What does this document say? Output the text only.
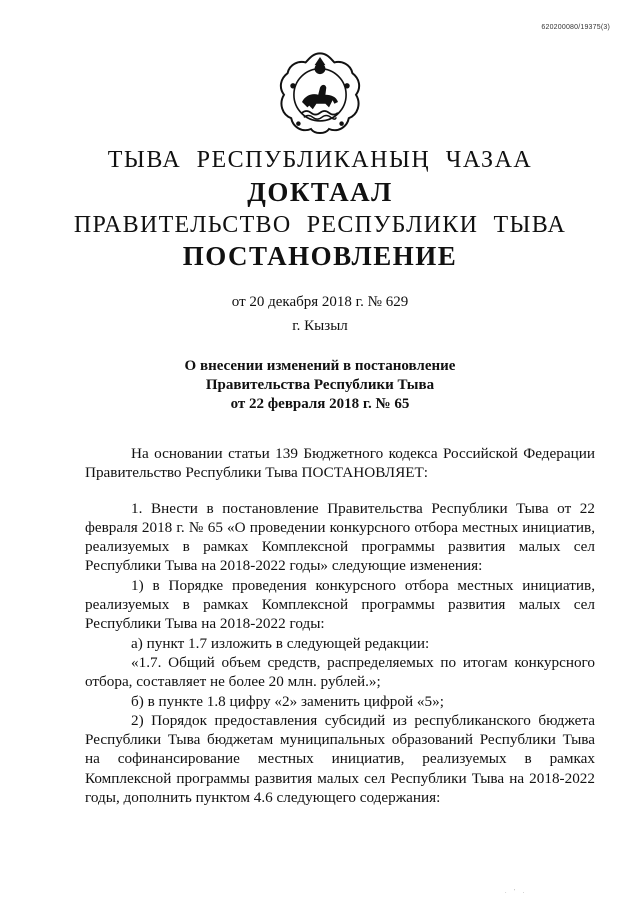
620200080/19375(3)
ТЫВА РЕСПУБЛИКАНЫҢ ЧАЗАА
ДОКТААЛ
ПРАВИТЕЛЬСТВО РЕСПУБЛИКИ ТЫВА
ПОСТАНОВЛЕНИЕ
от 20 декабря 2018 г. № 629
г. Кызыл
О внесении изменений в постановление
Правительства Республики Тыва
от 22 февраля 2018 г. № 65

На основании статьи 139 Бюджетного кодекса Российской Федерации Правительство Республики Тыва ПОСТАНОВЛЯЕТ:

1. Внести в постановление Правительства Республики Тыва от 22 февраля 2018 г. № 65 «О проведении конкурсного отбора местных инициатив, реализуемых в рамках Комплексной программы развития малых сел Республики Тыва на 2018-2022 годы» следующие изменения:

1) в Порядке проведения конкурсного отбора местных инициатив, реализуемых в рамках Комплексной программы развития малых сел Республики Тыва на 2018-2022 годы:

а) пункт 1.7 изложить в следующей редакции:

«1.7. Общий объем средств, распределяемых по итогам конкурсного отбора, составляет не более 20 млн. рублей.»;

б) в пункте 1.8 цифру «2» заменить цифрой «5»;

2) Порядок предоставления субсидий из республиканского бюджета Республики Тыва бюджетам муниципальных образований Республики Тыва на софинансирование местных инициатив, реализуемых в рамках Комплексной программы развития малых сел Республики Тыва на 2018-2022 годы, дополнить пунктом 4.6 следующего содержания:

. ' .
